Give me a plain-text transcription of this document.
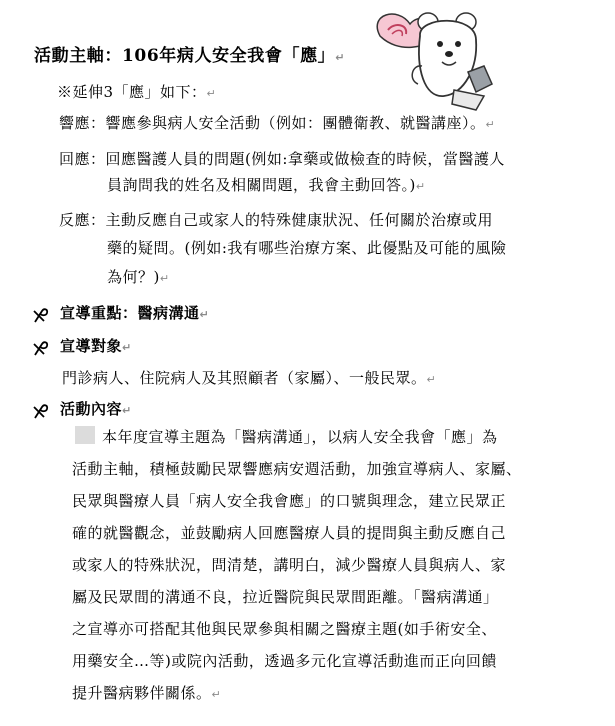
活動主軸：106年病人安全我會「應」↵
※延伸3「應」如下：↵
響應：響應參與病人安全活動（例如：團體衛教、就醫講座）。↵
回應：回應醫護人員的問題(例如:拿藥或做檢查的時候，當醫護人
員詢問我的姓名及相關問題，我會主動回答。)↵
反應：主動反應自己或家人的特殊健康狀況、任何關於治療或用
藥的疑問。(例如:我有哪些治療方案、此優點及可能的風險
為何？)↵
宣導重點：醫病溝通↵
宣導對象↵
門診病人、住院病人及其照顧者（家屬）、一般民眾。↵
活動內容↵
本年度宣導主題為「醫病溝通」，以病人安全我會「應」為
活動主軸，積極鼓勵民眾響應病安週活動，加強宣導病人、家屬、
民眾與醫療人員「病人安全我會應」的口號與理念，建立民眾正
確的就醫觀念，並鼓勵病人回應醫療人員的提問與主動反應自己
或家人的特殊狀況，問清楚，講明白，減少醫療人員與病人、家
屬及民眾間的溝通不良，拉近醫院與民眾間距離。「醫病溝通」
之宣導亦可搭配其他與民眾參與相關之醫療主題(如手術安全、
用藥安全…等)或院內活動，透過多元化宣導活動進而正向回饋
提升醫病夥伴關係。↵
